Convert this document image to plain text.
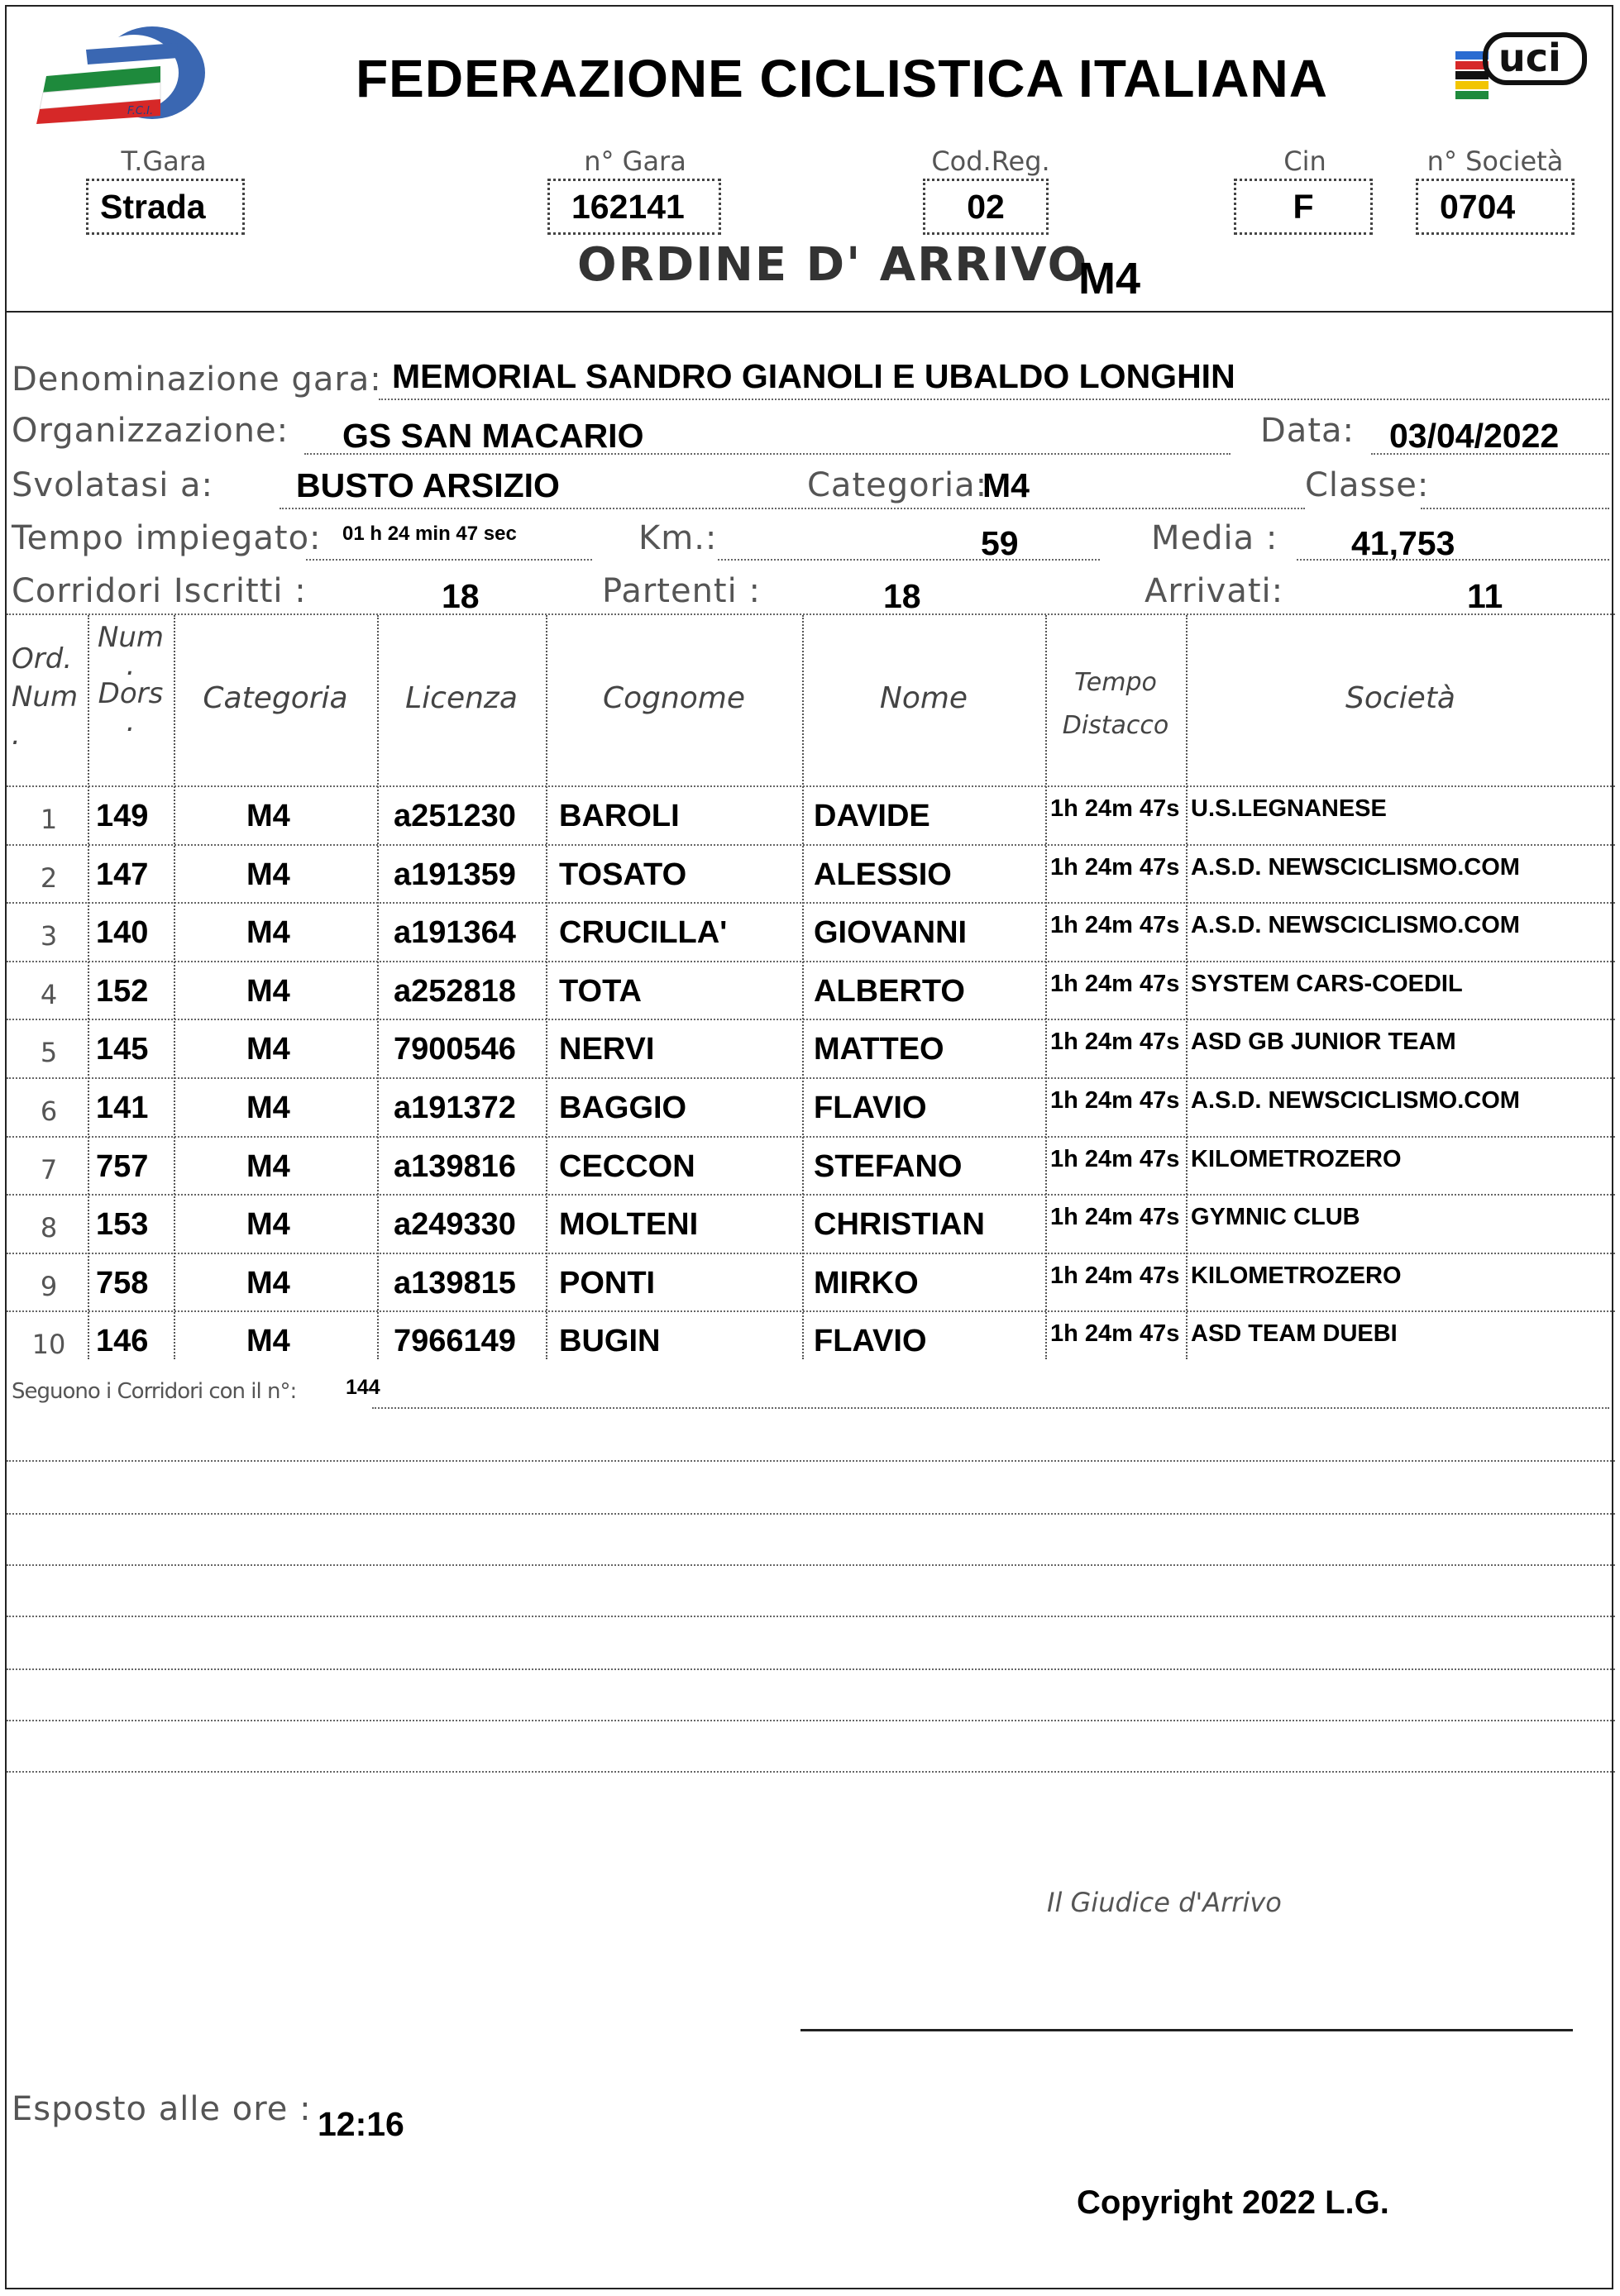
F.C.I.
FEDERAZIONE CICLISTICA ITALIANA	uci
T.Gara
Strada
n° Gara
162141
Cod.Reg.
02
Cin
F
n° Società
0704
ORDINE D' ARRIVO
M4
Denominazione gara: MEMORIAL SANDRO GIANOLI E UBALDO LONGHIN
Organizzazione: GS SAN MACARIO	Data: 03/04/2022
Svolatasi a: BUSTO ARSIZIO	Categoria:
M4	Classe:
Tempo impiegato: 01 h 24 min 47 sec	Km.:	59	Media : 41,753
Corridori Iscritti :	18	Partenti :	18	Arrivati:	11
Ord.
Num
.
Num
.
Dors
.
Categoria	Licenza	Cognome	Nome	Tempo
Distacco
Società
1	149	M4	a251230 BAROLI	DAVIDE	1h 24m 47s U.S.LEGNANESE
2	147	M4	a191359 TOSATO	ALESSIO	1h 24m 47s A.S.D. NEWSCICLISMO.COM
3	140	M4	a191364 CRUCILLA'	GIOVANNI	1h 24m 47s A.S.D. NEWSCICLISMO.COM
4	152	M4	a252818 TOTA	ALBERTO	1h 24m 47s SYSTEM CARS-COEDIL
5	145	M4	7900546 NERVI	MATTEO	1h 24m 47s ASD GB JUNIOR TEAM
6	141	M4	a191372 BAGGIO	FLAVIO	1h 24m 47s A.S.D. NEWSCICLISMO.COM
7	757	M4	a139816 CECCON	STEFANO	1h 24m 47s KILOMETROZERO
8	153	M4	a249330 MOLTENI	CHRISTIAN	1h 24m 47s GYMNIC CLUB
9	758	M4	a139815 PONTI	MIRKO	1h 24m 47s KILOMETROZERO
10 146	M4	7966149 BUGIN	FLAVIO	1h 24m 47s ASD TEAM DUEBI
Seguono i Corridori con il n°: 144
Il Giudice d'Arrivo
Esposto alle ore : 12:16
Copyright 2022 L.G.
